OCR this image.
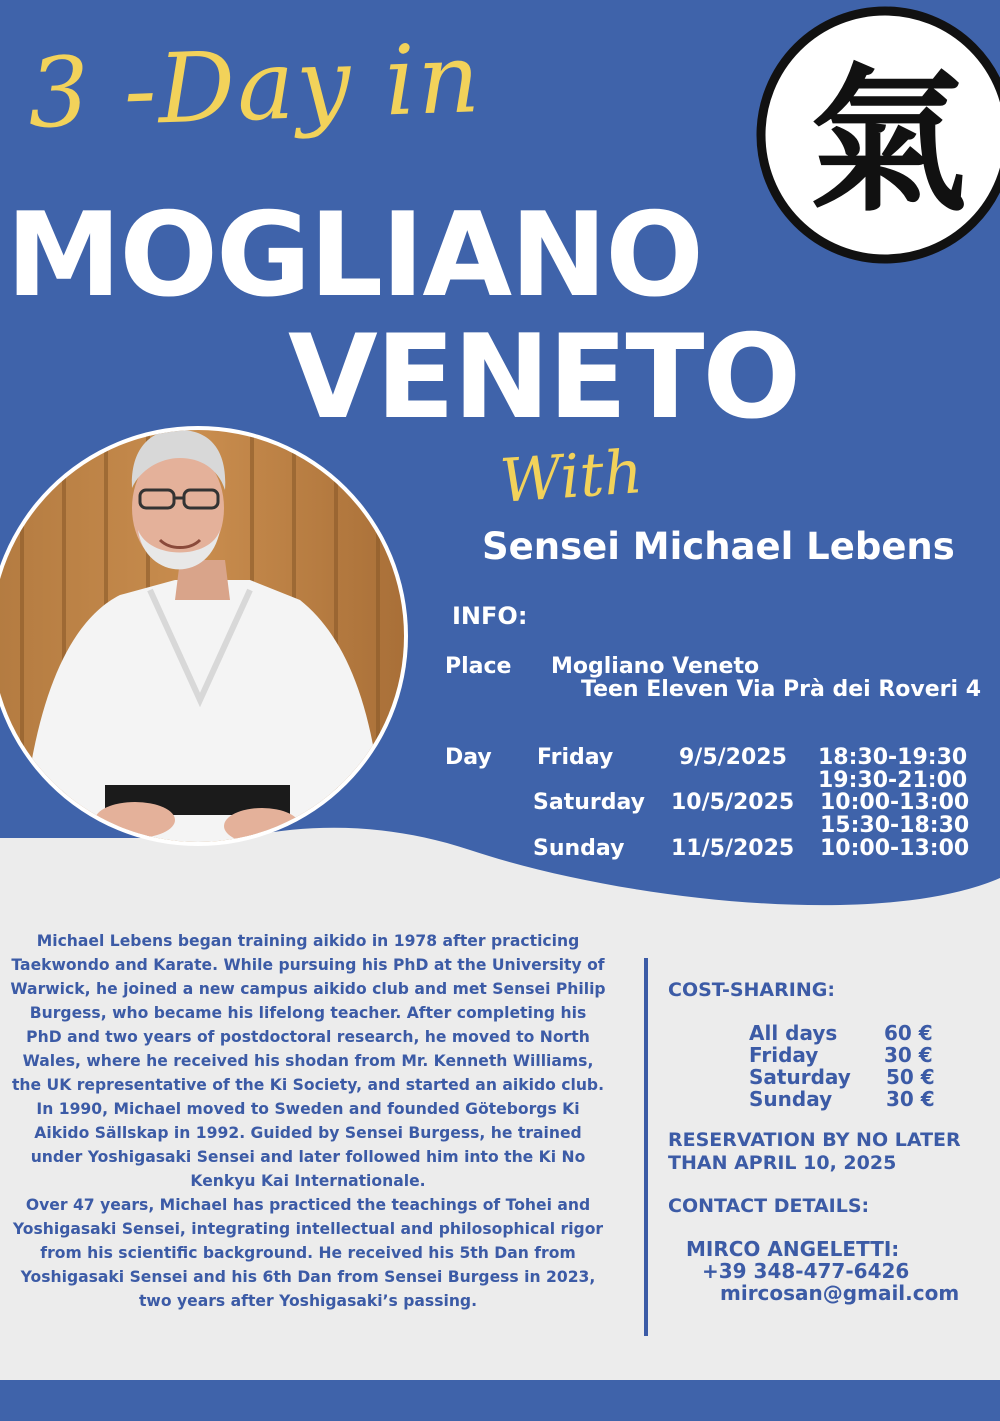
氣
3 -Day in
MOGLIANO
VENETO
With
Sensei Michael Lebens
INFO:
Place Mogliano Veneto
Teen Eleven Via Prà dei Roveri 4
Day Friday	9/5/2025 18:30-19:30
19:30-21:00
Saturday 10/5/2025 10:00-13:00
15:30-18:30
Sunday 11/5/2025 10:00-13:00

Michael Lebens began training aikido in 1978 after practicing Taekwondo and Karate. While pursuing his PhD at the University of Warwick, he joined a new campus aikido club and met Sensei Philip Burgess, who became his lifelong teacher. After completing his PhD and two years of postdoctoral research, he moved to North Wales, where he received his shodan from Mr. Kenneth Williams, the UK representative of the Ki Society, and started an aikido club.

In 1990, Michael moved to Sweden and founded Göteborgs Ki Aikido Sällskap in 1992. Guided by Sensei Burgess, he trained under Yoshigasaki Sensei and later followed him into the Ki No Kenkyu Kai Internationale.

Over 47 years, Michael has practiced the teachings of Tohei and Yoshigasaki Sensei, integrating intellectual and philosophical rigor from his scientific background. He received his 5th Dan from Yoshigasaki Sensei and his 6th Dan from Sensei Burgess in 2023, two years after Yoshigasaki’s passing.

COST-SHARING:
All days 60 €
Friday	30 €
Saturday 50 €
Sunday	30 €
RESERVATION BY NO LATER
THAN APRIL 10, 2025
CONTACT DETAILS:
MIRCO ANGELETTI:
+39 348-477-6426
mircosan@gmail.com
